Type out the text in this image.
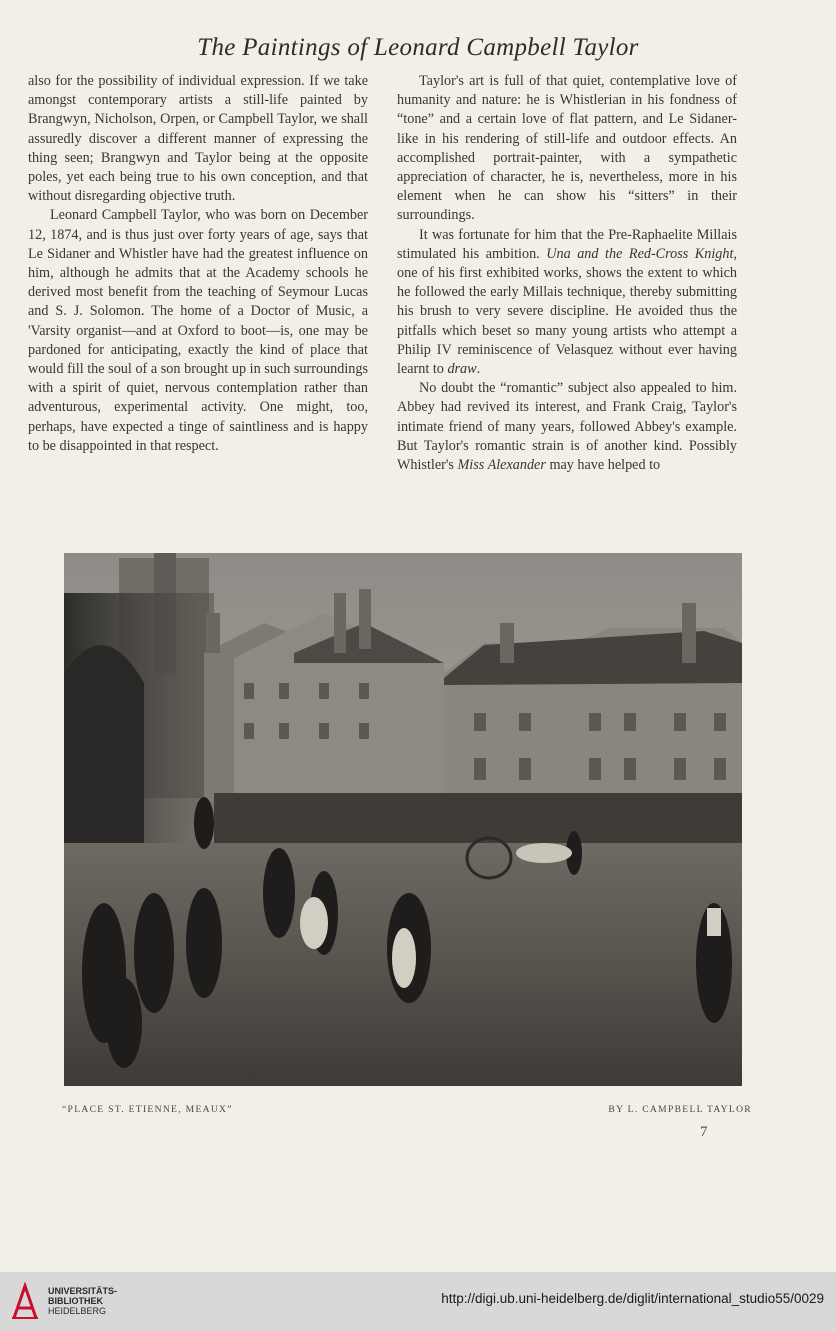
The Paintings of Leonard Campbell Taylor

also for the possibility of individual expression. If we take amongst contemporary artists a still-life painted by Brangwyn, Nicholson, Orpen, or Campbell Taylor, we shall assuredly discover a different manner of expressing the thing seen; Brangwyn and Taylor being at the opposite poles, yet each being true to his own conception, and that without disregarding objective truth.

Leonard Campbell Taylor, who was born on December 12, 1874, and is thus just over forty years of age, says that Le Sidaner and Whistler have had the greatest influence on him, although he admits that at the Academy schools he derived most benefit from the teaching of Seymour Lucas and S. J. Solomon. The home of a Doctor of Music, a 'Varsity organist—and at Oxford to boot—is, one may be pardoned for anticipating, exactly the kind of place that would fill the soul of a son brought up in such surroundings with a spirit of quiet, nervous contemplation rather than adventurous, experimental activity. One might, too, perhaps, have expected a tinge of saintliness and is happy to be disappointed in that respect.

Taylor's art is full of that quiet, contemplative love of humanity and nature: he is Whistlerian in his fondness of “tone” and a certain love of flat pattern, and Le Sidaner-like in his rendering of still-life and outdoor effects. An accomplished portrait-painter, with a sympathetic appreciation of character, he is, nevertheless, more in his element when he can show his “sitters” in their surroundings.

It was fortunate for him that the Pre-Raphaelite Millais stimulated his ambition. Una and the Red-Cross Knight, one of his first exhibited works, shows the extent to which he followed the early Millais technique, thereby submitting his brush to very severe discipline. He avoided thus the pitfalls which beset so many young artists who attempt a Philip IV reminiscence of Velasquez without ever having learnt to draw.

No doubt the “romantic” subject also appealed to him. Abbey had revived its interest, and Frank Craig, Taylor's intimate friend of many years, followed Abbey's example. But Taylor's romantic strain is of another kind. Possibly Whistler's Miss Alexander may have helped to

“PLACE ST. ETIENNE, MEAUX”	BY L. CAMPBELL TAYLOR
7
UNIVERSITÄTS-
BIBLIOTHEK
HEIDELBERG
http://digi.ub.uni-heidelberg.de/diglit/international_studio55/0029
